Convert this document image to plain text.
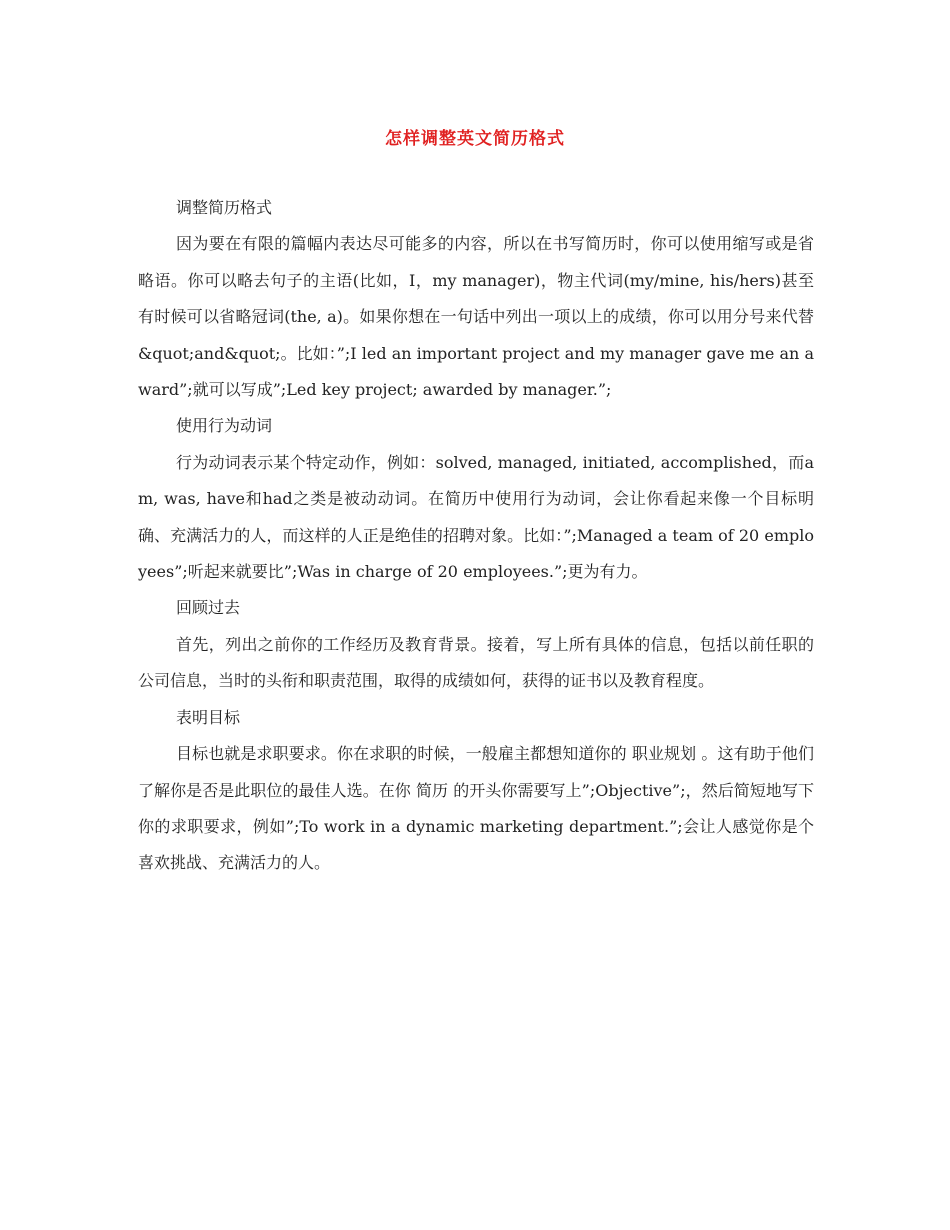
怎样调整英文简历格式

调整简历格式

因为要在有限的篇幅内表达尽可能多的内容，所以在书写简历时，你可以使用缩写或是省略语。你可以略去句子的主语(比如，I，my manager)，物主代词(my/mine, his/hers)甚至有时候可以省略冠词(the, a)。如果你想在一句话中列出一项以上的成绩，你可以用分号来代替&quot;and&quot;。比如：”;I led an important project and my manager gave me an award”;就可以写成”;Led key project; awarded by manager.”;

使用行为动词

行为动词表示某个特定动作，例如：solved, managed, initiated, accomplished，而am, was, have和had之类是被动动词。在简历中使用行为动词，会让你看起来像一个目标明确、充满活力的人，而这样的人正是绝佳的招聘对象。比如：”;Managed a team of 20 employees”;听起来就要比”;Was in charge of 20 employees.”;更为有力。

回顾过去

首先，列出之前你的工作经历及教育背景。接着，写上所有具体的信息，包括以前任职的公司信息，当时的头衔和职责范围，取得的成绩如何，获得的证书以及教育程度。

表明目标

目标也就是求职要求。你在求职的时候，一般雇主都想知道你的 职业规划 。这有助于他们了解你是否是此职位的最佳人选。在你 简历 的开头你需要写上”;Objective”;，然后简短地写下你的求职要求，例如”;To work in a dynamic marketing department.”;会让人感觉你是个喜欢挑战、充满活力的人。
